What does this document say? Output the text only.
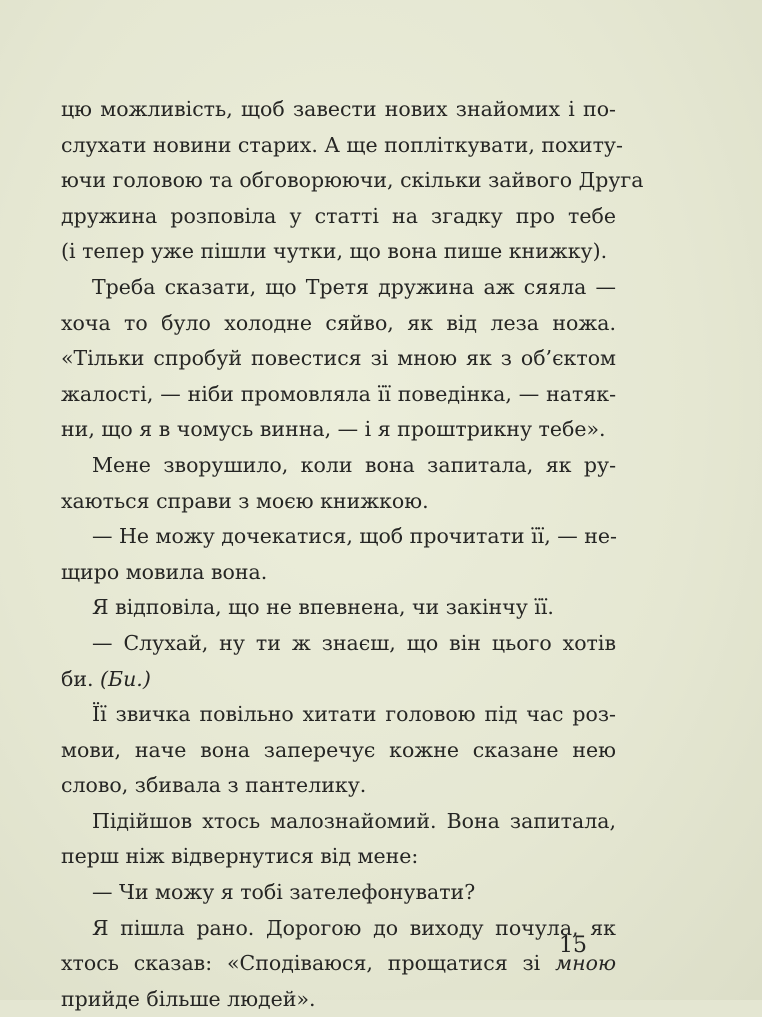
цю можливість, щоб завести нових знайомих і по-
слухати новини старих. А ще попліткувати, похиту-
ючи головою та обговорюючи, скільки зайвого Друга
дружина розповіла у статті на згадку про тебе
(і тепер уже пішли чутки, що вона пише книжку).
Треба сказати, що Третя дружина аж сяяла —
хоча то було холодне сяйво, як від леза ножа.
«Тільки спробуй повестися зі мною як з об’єктом
жалості, — ніби промовляла її поведінка, — натяк-
ни, що я в чомусь винна, — і я проштрикну тебе».
Мене зворушило, коли вона запитала, як ру-
хаються справи з моєю книжкою.
— Не можу дочекатися, щоб прочитати її, — не-
щиро мовила вона.
Я відповіла, що не впевнена, чи закінчу її.
— Слухай, ну ти ж знаєш, що він цього хотів
би. (Би.)
Її звичка повільно хитати головою під час роз-
мови, наче вона заперечує кожне сказане нею
слово, збивала з пантелику.
Підійшов хтось малознайомий. Вона запитала,
перш ніж відвернутися від мене:
— Чи можу я тобі зателефонувати?
Я пішла рано. Дорогою до виходу почула, як
хтось сказав: «Сподіваюся, прощатися зі мною
прийде більше людей».
15
